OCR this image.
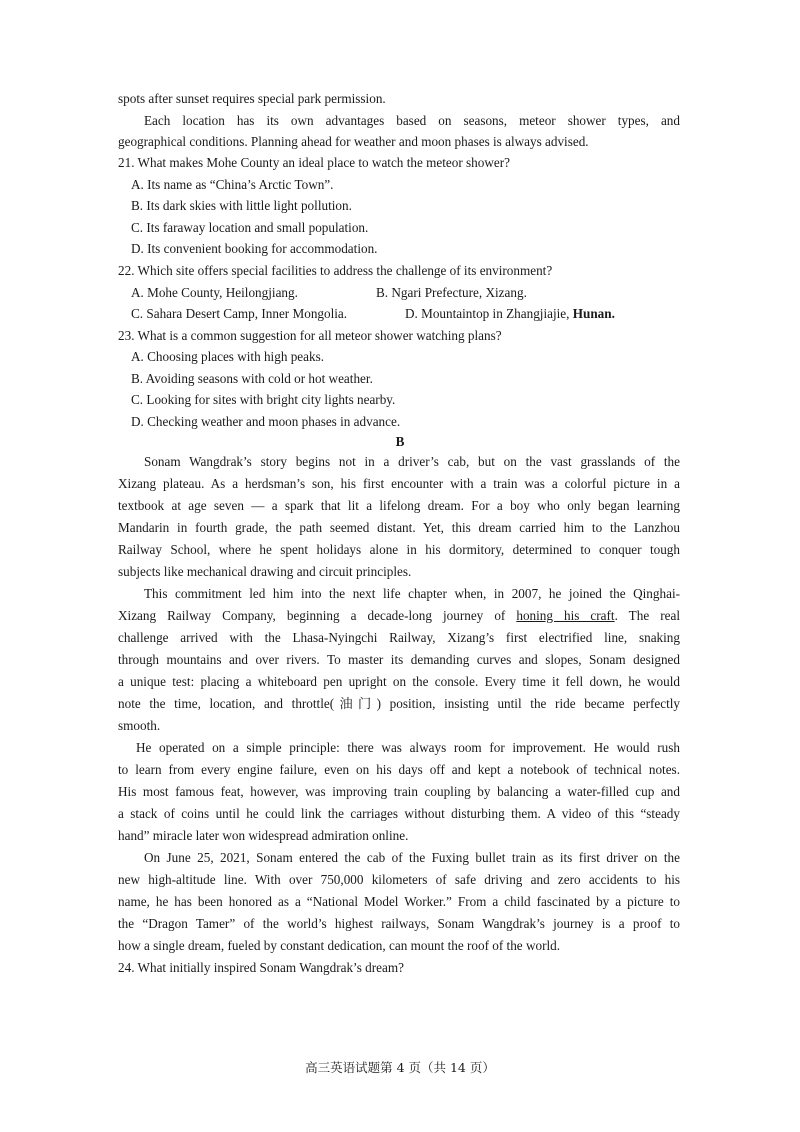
spots after sunset requires special park permission.
Each location has its own advantages based on seasons, meteor shower types, and
geographical conditions. Planning ahead for weather and moon phases is always advised.
21. What makes Mohe County an ideal place to watch the meteor shower?
A. Its name as “China’s Arctic Town”.
B. Its dark skies with little light pollution.
C. Its faraway location and small population.
D. Its convenient booking for accommodation.
22. Which site offers special facilities to address the challenge of its environment?
A. Mohe County, Heilongjiang.	B. Ngari Prefecture, Xizang.
C. Sahara Desert Camp, Inner Mongolia.	D. Mountaintop in Zhangjiajie, Hunan.
23. What is a common suggestion for all meteor shower watching plans?
A. Choosing places with high peaks.
B. Avoiding seasons with cold or hot weather.
C. Looking for sites with bright city lights nearby.
D. Checking weather and moon phases in advance.
B
Sonam Wangdrak’s story begins not in a driver’s cab, but on the vast grasslands of the
Xizang plateau. As a herdsman’s son, his first encounter with a train was a colorful picture in a
textbook at age seven — a spark that lit a lifelong dream. For a boy who only began learning
Mandarin in fourth grade, the path seemed distant. Yet, this dream carried him to the Lanzhou
Railway School, where he spent holidays alone in his dormitory, determined to conquer tough
subjects like mechanical drawing and circuit principles.
This commitment led him into the next life chapter when, in 2007, he joined the Qinghai-
Xizang Railway Company, beginning a decade-long journey of honing his craft. The real
challenge arrived with the Lhasa-Nyingchi Railway, Xizang’s first electrified line, snaking
through mountains and over rivers. To master its demanding curves and slopes, Sonam designed
a unique test: placing a whiteboard pen upright on the console. Every time it fell down, he would
note the time, location, and throttle(油门) position, insisting until the ride became perfectly
smooth.
He operated on a simple principle: there was always room for improvement. He would rush
to learn from every engine failure, even on his days off and kept a notebook of technical notes.
His most famous feat, however, was improving train coupling by balancing a water-filled cup and
a stack of coins until he could link the carriages without disturbing them. A video of this “steady
hand” miracle later won widespread admiration online.
On June 25, 2021, Sonam entered the cab of the Fuxing bullet train as its first driver on the
new high-altitude line. With over 750,000 kilometers of safe driving and zero accidents to his
name, he has been honored as a “National Model Worker.” From a child fascinated by a picture to
the “Dragon Tamer” of the world’s highest railways, Sonam Wangdrak’s journey is a proof to
how a single dream, fueled by constant dedication, can mount the roof of the world.
24. What initially inspired Sonam Wangdrak’s dream?
高三英语试题第 4 页（共 14 页）
